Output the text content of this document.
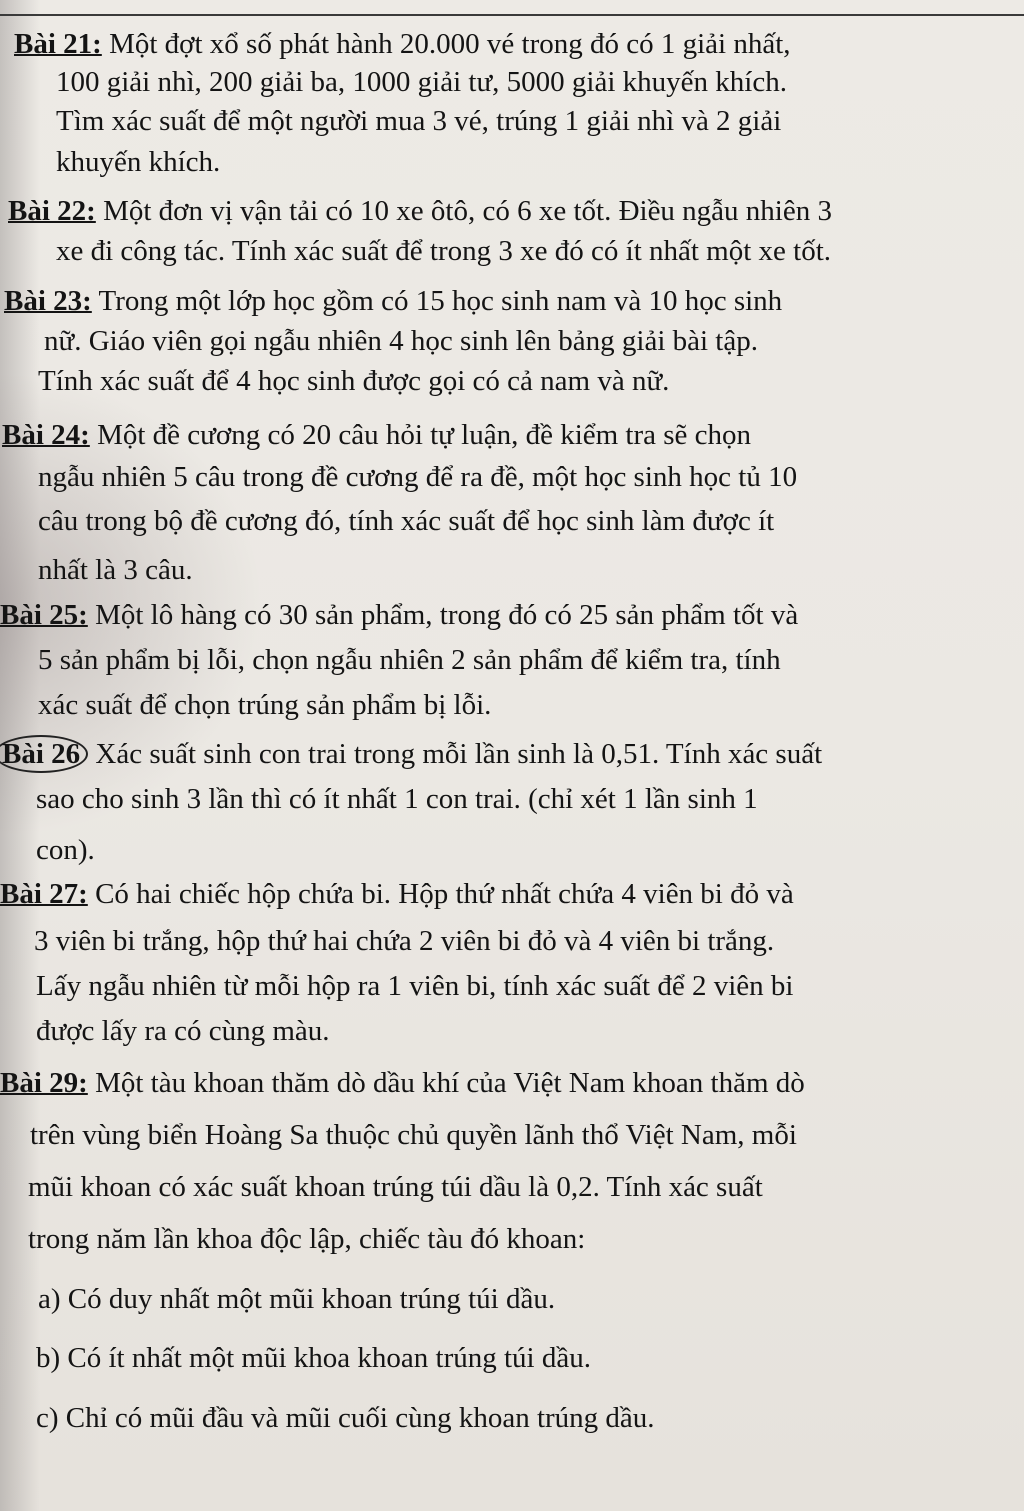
Bài 21: Một đợt xổ số phát hành 20.000 vé trong đó có 1 giải nhất,
100 giải nhì, 200 giải ba, 1000 giải tư, 5000 giải khuyến khích.
Tìm xác suất để một người mua 3 vé, trúng 1 giải nhì và 2 giải
khuyến khích.
Bài 22: Một đơn vị vận tải có 10 xe ôtô, có 6 xe tốt. Điều ngẫu nhiên 3
xe đi công tác. Tính xác suất để trong 3 xe đó có ít nhất một xe tốt.
Bài 23: Trong một lớp học gồm có 15 học sinh nam và 10 học sinh
nữ. Giáo viên gọi ngẫu nhiên 4 học sinh lên bảng giải bài tập.
Tính xác suất để 4 học sinh được gọi có cả nam và nữ.
Bài 24: Một đề cương có 20 câu hỏi tự luận, đề kiểm tra sẽ chọn
ngẫu nhiên 5 câu trong đề cương để ra đề, một học sinh học tủ 10
câu trong bộ đề cương đó, tính xác suất để học sinh làm được ít
nhất là 3 câu.
Bài 25: Một lô hàng có 30 sản phẩm, trong đó có 25 sản phẩm tốt và
5 sản phẩm bị lỗi, chọn ngẫu nhiên 2 sản phẩm để kiểm tra, tính
xác suất để chọn trúng sản phẩm bị lỗi.
Bài 26 Xác suất sinh con trai trong mỗi lần sinh là 0,51. Tính xác suất
sao cho sinh 3 lần thì có ít nhất 1 con trai. (chỉ xét 1 lần sinh 1
con).
Bài 27: Có hai chiếc hộp chứa bi. Hộp thứ nhất chứa 4 viên bi đỏ và
3 viên bi trắng, hộp thứ hai chứa 2 viên bi đỏ và 4 viên bi trắng.
Lấy ngẫu nhiên từ mỗi hộp ra 1 viên bi, tính xác suất để 2 viên bi
được lấy ra có cùng màu.
Bài 29: Một tàu khoan thăm dò dầu khí của Việt Nam khoan thăm dò
trên vùng biển Hoàng Sa thuộc chủ quyền lãnh thổ Việt Nam, mỗi
mũi khoan có xác suất khoan trúng túi dầu là 0,2. Tính xác suất
trong năm lần khoa độc lập, chiếc tàu đó khoan:
a) Có duy nhất một mũi khoan trúng túi dầu.
b) Có ít nhất một mũi khoa khoan trúng túi dầu.
c) Chỉ có mũi đầu và mũi cuối cùng khoan trúng dầu.
